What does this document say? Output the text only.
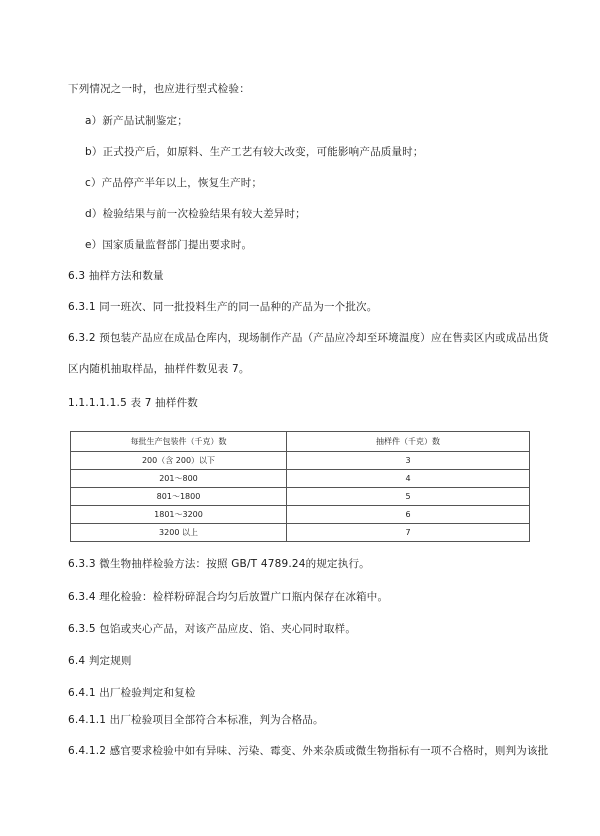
下列情况之一时，也应进行型式检验：
a）新产品试制鉴定；
b）正式投产后，如原料、生产工艺有较大改变，可能影响产品质量时；
c）产品停产半年以上，恢复生产时；
d）检验结果与前一次检验结果有较大差异时；
e）国家质量监督部门提出要求时。
6.3 抽样方法和数量
6.3.1 同一班次、同一批投料生产的同一品种的产品为一个批次。
6.3.2 预包装产品应在成品仓库内，现场制作产品（产品应冷却至环境温度）应在售卖区内或成品出货
区内随机抽取样品，抽样件数见表 7。
1.1.1.1.1.5 表 7 抽样件数
每批生产包装件（千克）数	抽样件（千克）数
200（含 200）以下	3
201～800	4
801～1800	5
1801～3200	6
3200 以上	7
6.3.3 微生物抽样检验方法：按照 GB/T 4789.24的规定执行。
6.3.4 理化检验：检样粉碎混合均匀后放置广口瓶内保存在冰箱中。
6.3.5 包馅或夹心产品，对该产品应皮、馅、夹心同时取样。
6.4 判定规则
6.4.1 出厂检验判定和复检
6.4.1.1 出厂检验项目全部符合本标准，判为合格品。
6.4.1.2 感官要求检验中如有异味、污染、霉变、外来杂质或微生物指标有一项不合格时，则判为该批
